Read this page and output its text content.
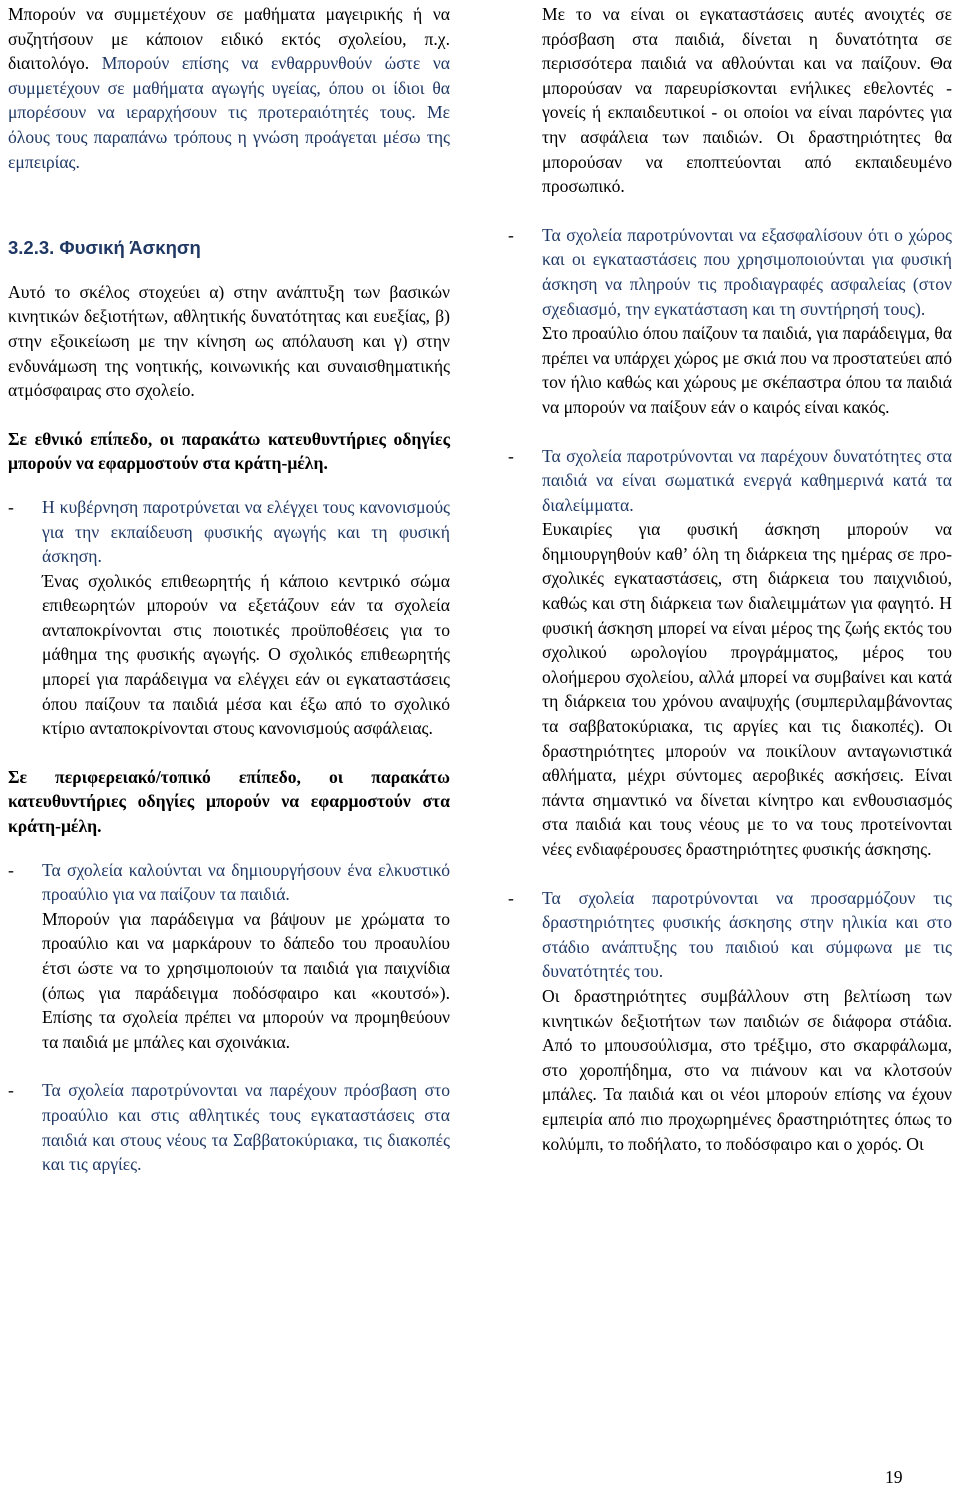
Μπορούν να συμμετέχουν σε μαθήματα μαγειρικής ή να συζητήσουν με κάποιον ειδικό εκτός σχολείου, π.χ. διαιτολόγο. Μπορούν επίσης να ενθαρρυνθούν ώστε να συμμετέχουν σε μαθήματα αγωγής υγείας, όπου οι ίδιοι θα μπορέσουν να ιεραρχήσουν τις προτεραιότητές τους. Με όλους τους παραπάνω τρόπους η γνώση προάγεται μέσω της εμπειρίας.

3.2.3. Φυσική Άσκηση

Αυτό το σκέλος στοχεύει α) στην ανάπτυξη των βασικών κινητικών δεξιοτήτων, αθλητικής δυνατότητας και ευεξίας, β) στην εξοικείωση με την κίνηση ως απόλαυση και γ) στην ενδυνάμωση της νοητικής, κοινωνικής και συναισθηματικής ατμόσφαιρας στο σχολείο.

Σε εθνικό επίπεδο, οι παρακάτω κατευθυντήριες οδηγίες μπορούν να εφαρμοστούν στα κράτη-μέλη.

- Η κυβέρνηση παροτρύνεται να ελέγχει τους κανονισμούς για την εκπαίδευση φυσικής αγωγής και τη φυσική άσκηση.

Ένας σχολικός επιθεωρητής ή κάποιο κεντρικό σώμα επιθεωρητών μπορούν να εξετάζουν εάν τα σχολεία ανταποκρίνονται στις ποιοτικές προϋποθέσεις για το μάθημα της φυσικής αγωγής. Ο σχολικός επιθεωρητής μπορεί για παράδειγμα να ελέγχει εάν οι εγκαταστάσεις όπου παίζουν τα παιδιά μέσα και έξω από το σχολικό κτίριο ανταποκρίνονται στους κανονισμούς ασφάλειας.

Σε περιφερειακό/τοπικό επίπεδο, οι παρακάτω κατευθυντήριες οδηγίες μπορούν να εφαρμοστούν στα κράτη-μέλη.

- Τα σχολεία καλούνται να δημιουργήσουν ένα ελκυστικό προαύλιο για να παίζουν τα παιδιά.

Μπορούν για παράδειγμα να βάψουν με χρώματα το προαύλιο και να μαρκάρουν το δάπεδο του προαυλίου έτσι ώστε να το χρησιμοποιούν τα παιδιά για παιχνίδια (όπως για παράδειγμα ποδόσφαιρο και «κουτσό»). Επίσης τα σχολεία πρέπει να μπορούν να προμηθεύουν τα παιδιά με μπάλες και σχοινάκια.

- Τα σχολεία παροτρύνονται να παρέχουν πρόσβαση στο προαύλιο και στις αθλητικές τους εγκαταστάσεις στα παιδιά και στους νέους τα Σαββατοκύριακα, τις διακοπές και τις αργίες.

Με το να είναι οι εγκαταστάσεις αυτές ανοιχτές σε πρόσβαση στα παιδιά, δίνεται η δυνατότητα σε περισσότερα παιδιά να αθλούνται και να παίζουν. Θα μπορούσαν να παρευρίσκονται ενήλικες εθελοντές - γονείς ή εκπαιδευτικοί - οι οποίοι να είναι παρόντες για την ασφάλεια των παιδιών. Οι δραστηριότητες θα μπορούσαν να εποπτεύονται από εκπαιδευμένο προσωπικό.

- Τα σχολεία παροτρύνονται να εξασφαλίσουν ότι ο χώρος και οι εγκαταστάσεις που χρησιμοποιούνται για φυσική άσκηση να πληρούν τις προδιαγραφές ασφαλείας (στον σχεδιασμό, την εγκατάσταση και τη συντήρησή τους).

Στο προαύλιο όπου παίζουν τα παιδιά, για παράδειγμα, θα πρέπει να υπάρχει χώρος με σκιά που να προστατεύει από τον ήλιο καθώς και χώρους με σκέπαστρα όπου τα παιδιά να μπορούν να παίξουν εάν ο καιρός είναι κακός.

- Τα σχολεία παροτρύνονται να παρέχουν δυνατότητες στα παιδιά να είναι σωματικά ενεργά καθημερινά κατά τα διαλείμματα.

Ευκαιρίες για φυσική άσκηση μπορούν να δημιουργηθούν καθ’ όλη τη διάρκεια της ημέρας σε προ-σχολικές εγκαταστάσεις, στη διάρκεια του παιχνιδιού, καθώς και στη διάρκεια των διαλειμμάτων για φαγητό. Η φυσική άσκηση μπορεί να είναι μέρος της ζωής εκτός του σχολικού ωρολογίου προγράμματος, μέρος του ολοήμερου σχολείου, αλλά μπορεί να συμβαίνει και κατά τη διάρκεια του χρόνου αναψυχής (συμπεριλαμβάνοντας τα σαββατοκύριακα, τις αργίες και τις διακοπές). Οι δραστηριότητες μπορούν να ποικίλουν ανταγωνιστικά αθλήματα, μέχρι σύντομες αεροβικές ασκήσεις. Είναι πάντα σημαντικό να δίνεται κίνητρο και ενθουσιασμός στα παιδιά και τους νέους με το να τους προτείνονται νέες ενδιαφέρουσες δραστηριότητες φυσικής άσκησης.

- Τα σχολεία παροτρύνονται να προσαρμόζουν τις δραστηριότητες φυσικής άσκησης στην ηλικία και στο στάδιο ανάπτυξης του παιδιού και σύμφωνα με τις δυνατότητές του.

Οι δραστηριότητες συμβάλλουν στη βελτίωση των κινητικών δεξιοτήτων των παιδιών σε διάφορα στάδια. Από το μπουσούλισμα, στο τρέξιμο, στο σκαρφάλωμα, στο χοροπήδημα, στο να πιάνουν και να κλοτσούν μπάλες. Τα παιδιά και οι νέοι μπορούν επίσης να έχουν εμπειρία από πιο προχωρημένες δραστηριότητες όπως το κολύμπι, το ποδήλατο, το ποδόσφαιρο και ο χορός. Οι

19
